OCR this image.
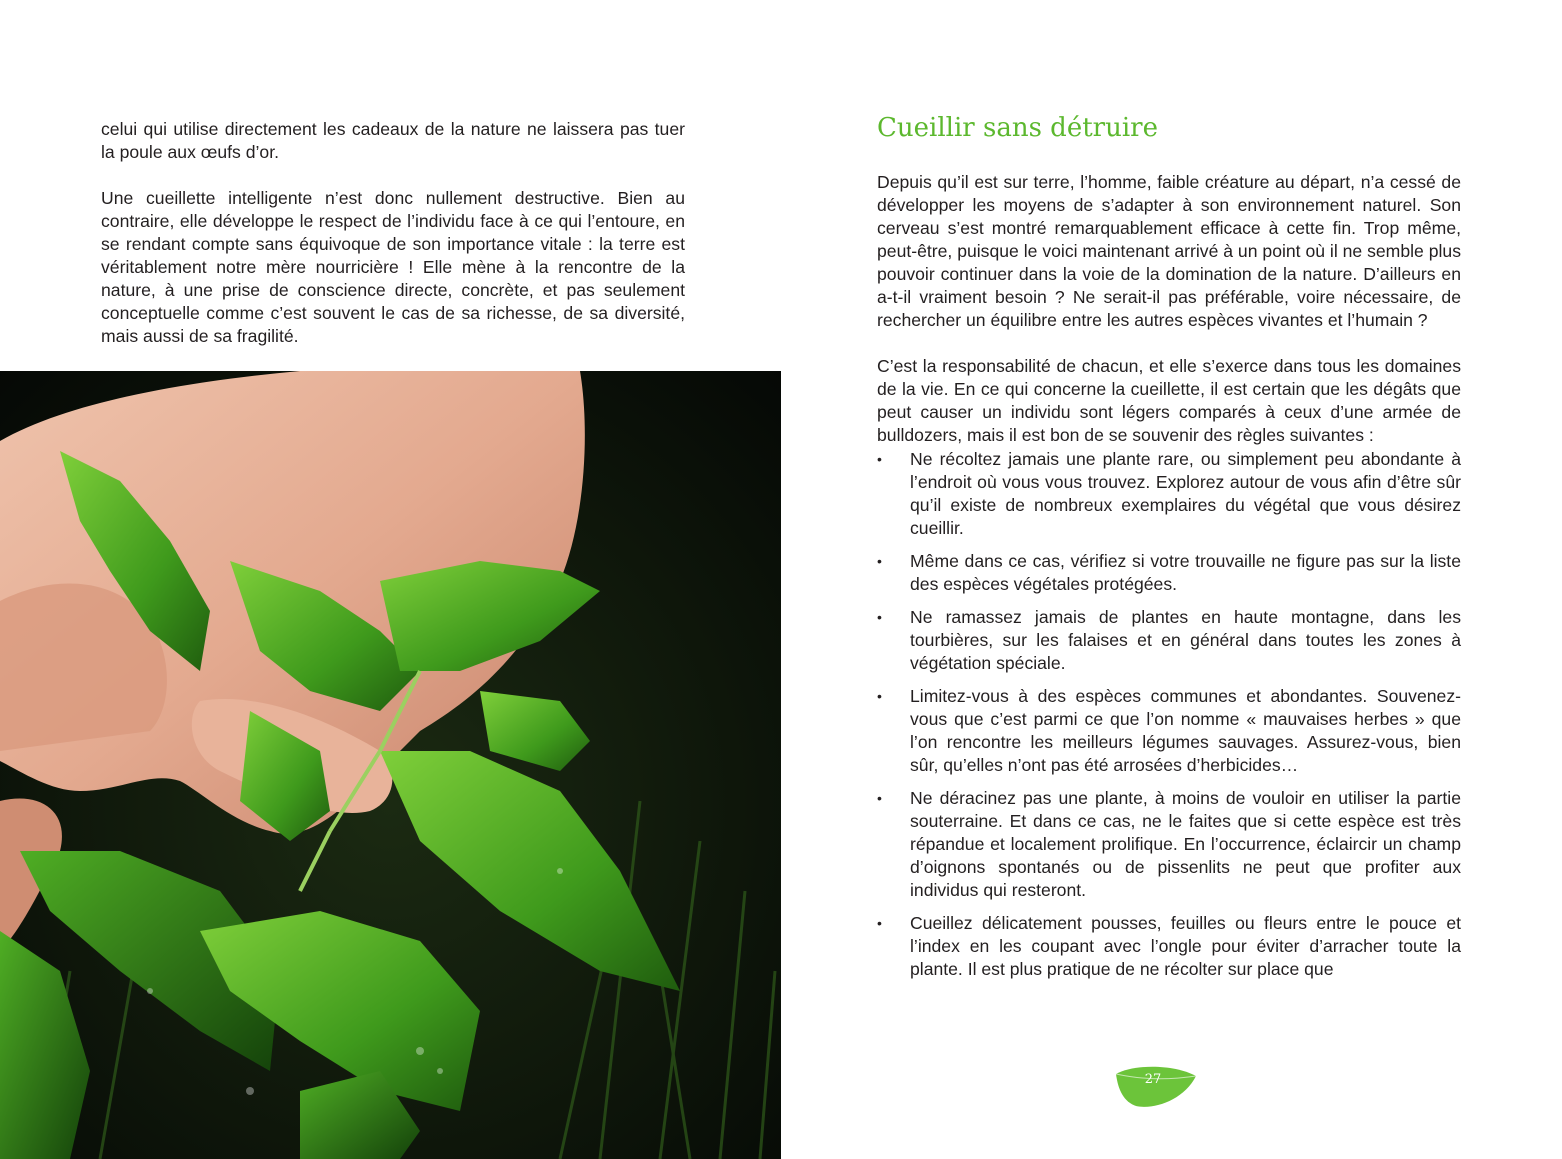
celui qui utilise directement les cadeaux de la nature ne laissera pas tuer la poule aux œufs d’or.

Une cueillette intelligente n’est donc nullement destructive. Bien au contraire, elle développe le respect de l’individu face à ce qui l’entoure, en se rendant compte sans équivoque de son importance vitale : la terre est véritablement notre mère nourricière ! Elle mène à la rencontre de la nature, à une prise de conscience directe, concrète, et pas seulement conceptuelle comme c’est souvent le cas de sa richesse, de sa diversité, mais aussi de sa fragilité.

Cueillir sans détruire

Depuis qu’il est sur terre, l’homme, faible créature au départ, n’a cessé de développer les moyens de s’adapter à son environnement naturel. Son cerveau s’est montré remarquablement efficace à cette fin. Trop même, peut-être, puisque le voici maintenant arrivé à un point où il ne semble plus pouvoir continuer dans la voie de la domination de la nature. D’ailleurs en a-t-il vraiment besoin ? Ne serait-il pas préférable, voire nécessaire, de rechercher un équilibre entre les autres espèces vivantes et l’humain ?

C’est la responsabilité de chacun, et elle s’exerce dans tous les domaines de la vie. En ce qui concerne la cueillette, il est certain que les dégâts que peut causer un individu sont légers comparés à ceux d’une armée de bulldozers, mais il est bon de se souvenir des règles suivantes :

• Ne récoltez jamais une plante rare, ou simplement peu abondante à l’endroit où vous vous trouvez. Explorez autour de vous afin d’être sûr qu’il existe de nombreux exemplaires du végétal que vous désirez cueillir.
• Même dans ce cas, vérifiez si votre trouvaille ne figure pas sur la liste des espèces végétales protégées.
• Ne ramassez jamais de plantes en haute montagne, dans les tourbières, sur les falaises et en général dans toutes les zones à végétation spéciale.
• Limitez-vous à des espèces communes et abondantes. Souvenez-vous que c’est parmi ce que l’on nomme « mauvaises herbes » que l’on rencontre les meilleurs légumes sauvages. Assurez-vous, bien sûr, qu’elles n’ont pas été arrosées d’herbicides…
• Ne déracinez pas une plante, à moins de vouloir en utiliser la partie souterraine. Et dans ce cas, ne le faites que si cette espèce est très répandue et localement prolifique. En l’occurrence, éclaircir un champ d’oignons spontanés ou de pissenlits ne peut que profiter aux individus qui resteront.
• Cueillez délicatement pousses, feuilles ou fleurs entre le pouce et l’index en les coupant avec l’ongle pour éviter d’arracher toute la plante. Il est plus pratique de ne récolter sur place que
27
